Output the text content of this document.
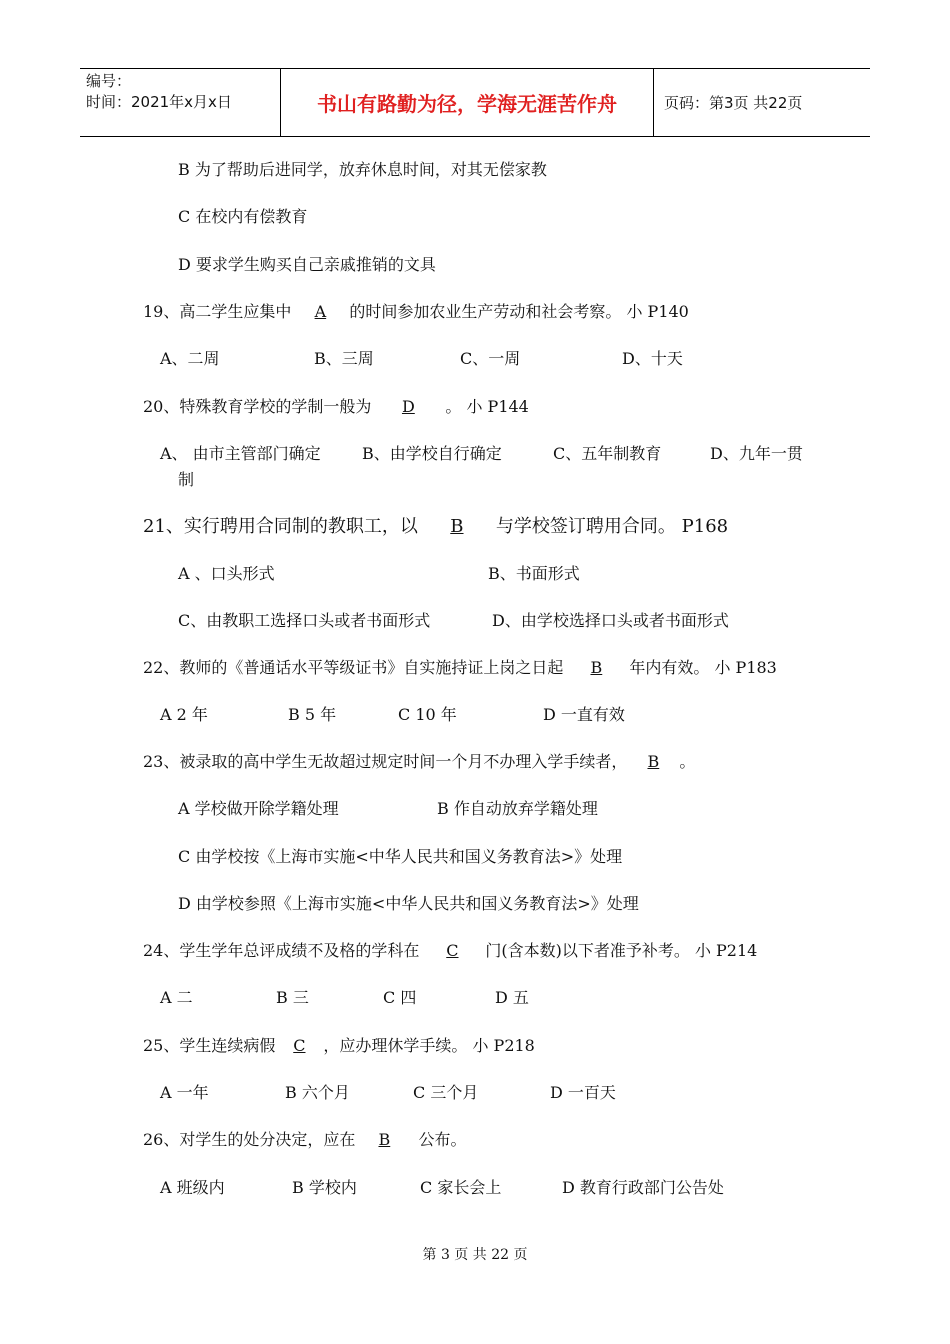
编号：
时间：2021年x月x日	书山有路勤为径，学海无涯苦作舟	页码：第3页 共22页
B 为了帮助后进同学，放弃休息时间，对其无偿家教
C 在校内有偿教育
D 要求学生购买自己亲戚推销的文具
19、高二学生应集中 A 的时间参加农业生产劳动和社会考察。 小 P140
A、二周	B、三周	C、一周	D、十天
20、特殊教育学校的学制一般为 D 。 小 P144
A、 由市主管部门确定	B、由学校自行确定	C、五年制教育	D、九年一贯
制
21、实行聘用合同制的教职工，以 B 与学校签订聘用合同。 P168
A 、口头形式	B、书面形式
C、由教职工选择口头或者书面形式	D、由学校选择口头或者书面形式
22、教师的《普通话水平等级证书》自实施持证上岗之日起 B 年内有效。 小 P183
A 2 年	B 5 年	C 10 年	D 一直有效
23、被录取的高中学生无故超过规定时间一个月不办理入学手续者， B 。
A 学校做开除学籍处理	B 作自动放弃学籍处理
C 由学校按《上海市实施<中华人民共和国义务教育法>》处理
D 由学校参照《上海市实施<中华人民共和国义务教育法>》处理
24、学生学年总评成绩不及格的学科在 C 门(含本数)以下者准予补考。 小 P214
A 二	B 三	C 四	D 五
25、学生连续病假 C ，应办理休学手续。 小 P218
A 一年	B 六个月	C 三个月	D 一百天
26、对学生的处分决定，应在 B 公布。
A 班级内	B 学校内	C 家长会上	D 教育行政部门公告处
第 3 页 共 22 页
